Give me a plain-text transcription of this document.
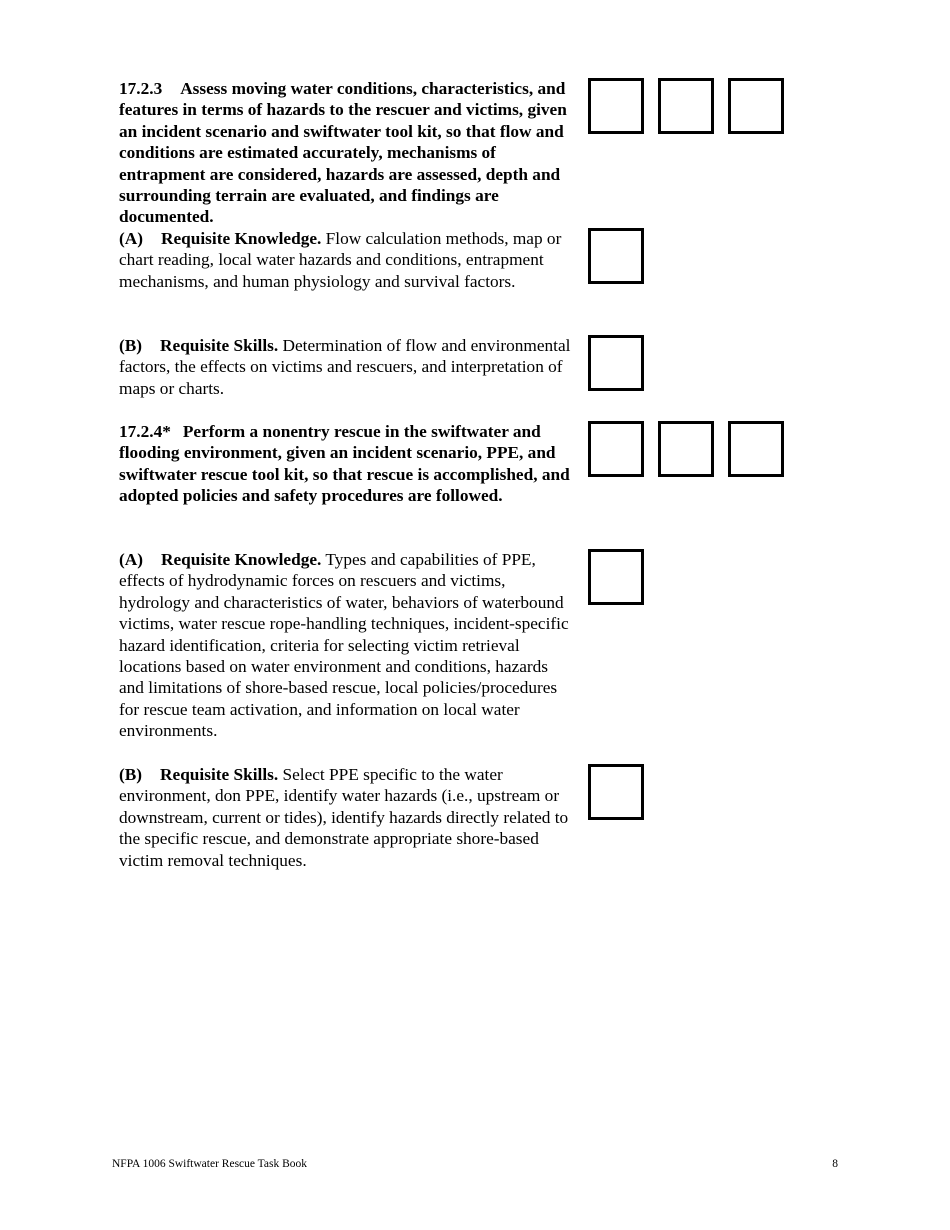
17.2.3 Assess moving water conditions, characteristics, and features in terms of hazards to the rescuer and victims, given an incident scenario and swiftwater tool kit, so that flow and conditions are estimated accurately, mechanisms of entrapment are considered, hazards are assessed, depth and surrounding terrain are evaluated, and findings are documented.
(A) Requisite Knowledge. Flow calculation methods, map or chart reading, local water hazards and conditions, entrapment mechanisms, and human physiology and survival factors.
(B) Requisite Skills. Determination of flow and environmental factors, the effects on victims and rescuers, and interpretation of maps or charts.
17.2.4* Perform a nonentry rescue in the swiftwater and flooding environment, given an incident scenario, PPE, and swiftwater rescue tool kit, so that rescue is accomplished, and adopted policies and safety procedures are followed.
(A) Requisite Knowledge. Types and capabilities of PPE, effects of hydrodynamic forces on rescuers and victims, hydrology and characteristics of water, behaviors of waterbound victims, water rescue rope-handling techniques, incident-specific hazard identification, criteria for selecting victim retrieval locations based on water environment and conditions, hazards and limitations of shore-based rescue, local policies/procedures for rescue team activation, and information on local water environments.
(B) Requisite Skills. Select PPE specific to the water environment, don PPE, identify water hazards (i.e., upstream or downstream, current or tides), identify hazards directly related to the specific rescue, and demonstrate appropriate shore-based victim removal techniques.
NFPA 1006 Swiftwater Rescue Task Book	8
